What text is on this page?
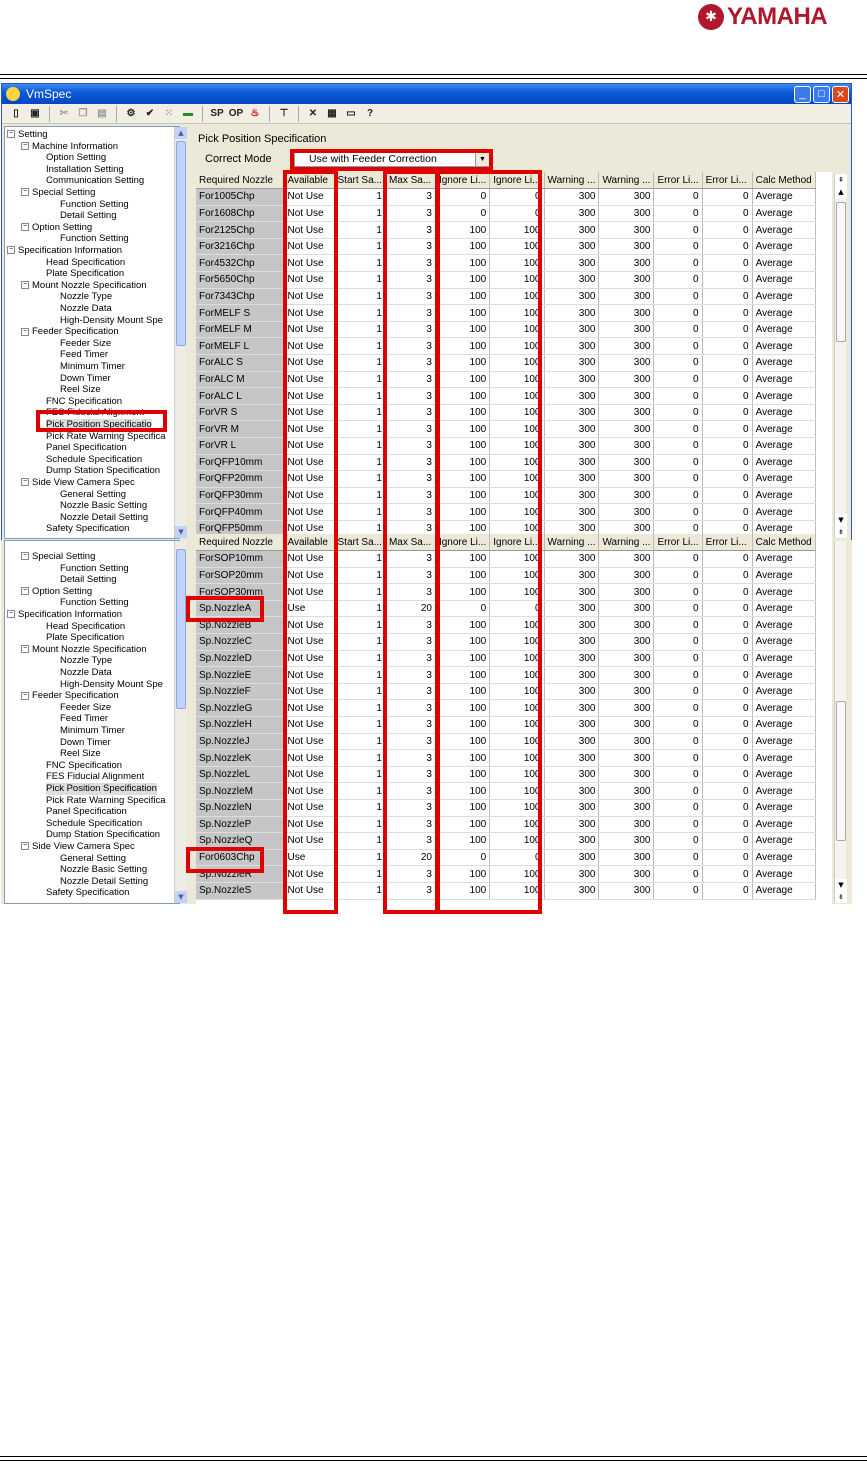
✱ YAMAHA
VmSpec	_	□	✕
▯	▣	✂	❐ ▤	⚙	✔	⁙ ▬	SP OP ♨	⊤	✕	▦ ▭	?
− Setting
− Machine Information
Option Setting
Installation Setting
Communication Setting
− Special Setting
Function Setting
Detail Setting
− Option Setting
Function Setting
− Specification Information
Head Specification
Plate Specification
− Mount Nozzle Specification
Nozzle Type
Nozzle Data
High-Density Mount Spe
− Feeder Specification
Feeder Size
Feed Timer
Minimum Timer
Down Timer
Reel Size
FNC Specification
FES Fiducial Alignment
Pick Position Specificatio
Pick Rate Warning Specifica
Panel Specification
Schedule Specification
Dump Station Specification
− Side View Camera Spec
General Setting
Nozzle Basic Setting
Nozzle Detail Setting
Safety Specification
▲
▼
Pick Position Specification
Correct Mode	Use with Feeder Correction	▼
Required Nozzle	Available	Start Sa...	Max Sa...	Ignore Li...	Ignore Li...	Warning ...	Warning ...	Error Li...	Error Li...	Calc Method
For1005Chp	Not Use	1	3	0	0	300	300	0	0	Average
For1608Chp	Not Use	1	3	0	0	300	300	0	0	Average
For2125Chp	Not Use	1	3	100	100	300	300	0	0	Average
For3216Chp	Not Use	1	3	100	100	300	300	0	0	Average
For4532Chp	Not Use	1	3	100	100	300	300	0	0	Average
For5650Chp	Not Use	1	3	100	100	300	300	0	0	Average
For7343Chp	Not Use	1	3	100	100	300	300	0	0	Average
ForMELF S	Not Use	1	3	100	100	300	300	0	0	Average
ForMELF M	Not Use	1	3	100	100	300	300	0	0	Average
ForMELF L	Not Use	1	3	100	100	300	300	0	0	Average
ForALC S	Not Use	1	3	100	100	300	300	0	0	Average
ForALC M	Not Use	1	3	100	100	300	300	0	0	Average
ForALC L	Not Use	1	3	100	100	300	300	0	0	Average
ForVR S	Not Use	1	3	100	100	300	300	0	0	Average
ForVR M	Not Use	1	3	100	100	300	300	0	0	Average
ForVR L	Not Use	1	3	100	100	300	300	0	0	Average
ForQFP10mm	Not Use	1	3	100	100	300	300	0	0	Average
ForQFP20mm	Not Use	1	3	100	100	300	300	0	0	Average
ForQFP30mm	Not Use	1	3	100	100	300	300	0	0	Average
ForQFP40mm	Not Use	1	3	100	100	300	300	0	0	Average
ForQFP50mm	Not Use	1	3	100	100	300	300	0	0	Average
⇞
▲
▼
⇟
− Special Setting
Function Setting
Detail Setting
− Option Setting
Function Setting
− Specification Information
Head Specification
Plate Specification
− Mount Nozzle Specification
Nozzle Type
Nozzle Data
High-Density Mount Spe
− Feeder Specification
Feeder Size
Feed Timer
Minimum Timer
Down Timer
Reel Size
FNC Specification
FES Fiducial Alignment
Pick Position Specification
Pick Rate Warning Specifica
Panel Specification
Schedule Specification
Dump Station Specification
− Side View Camera Spec
General Setting
Nozzle Basic Setting
Nozzle Detail Setting
Safety Specification	▼
Required Nozzle	Available	Start Sa...	Max Sa...	Ignore Li...	Ignore Li...	Warning ...	Warning ...	Error Li...	Error Li...	Calc Method
ForSOP10mm	Not Use	1	3	100	100	300	300	0	0	Average
ForSOP20mm	Not Use	1	3	100	100	300	300	0	0	Average
ForSOP30mm	Not Use	1	3	100	100	300	300	0	0	Average
Sp.NozzleA	Use	1	20	0	0	300	300	0	0	Average
Sp.NozzleB	Not Use	1	3	100	100	300	300	0	0	Average
Sp.NozzleC	Not Use	1	3	100	100	300	300	0	0	Average
Sp.NozzleD	Not Use	1	3	100	100	300	300	0	0	Average
Sp.NozzleE	Not Use	1	3	100	100	300	300	0	0	Average
Sp.NozzleF	Not Use	1	3	100	100	300	300	0	0	Average
Sp.NozzleG	Not Use	1	3	100	100	300	300	0	0	Average
Sp.NozzleH	Not Use	1	3	100	100	300	300	0	0	Average
Sp.NozzleJ	Not Use	1	3	100	100	300	300	0	0	Average
Sp.NozzleK	Not Use	1	3	100	100	300	300	0	0	Average
Sp.NozzleL	Not Use	1	3	100	100	300	300	0	0	Average
Sp.NozzleM	Not Use	1	3	100	100	300	300	0	0	Average
Sp.NozzleN	Not Use	1	3	100	100	300	300	0	0	Average
Sp.NozzleP	Not Use	1	3	100	100	300	300	0	0	Average
Sp.NozzleQ	Not Use	1	3	100	100	300	300	0	0	Average
For0603Chp	Use	1	20	0	0	300	300	0	0	Average
Sp.NozzleR	Not Use	1	3	100	100	300	300	0	0	Average
Sp.NozzleS	Not Use	1	3	100	100	300	300	0	0	Average
▼
⇟
